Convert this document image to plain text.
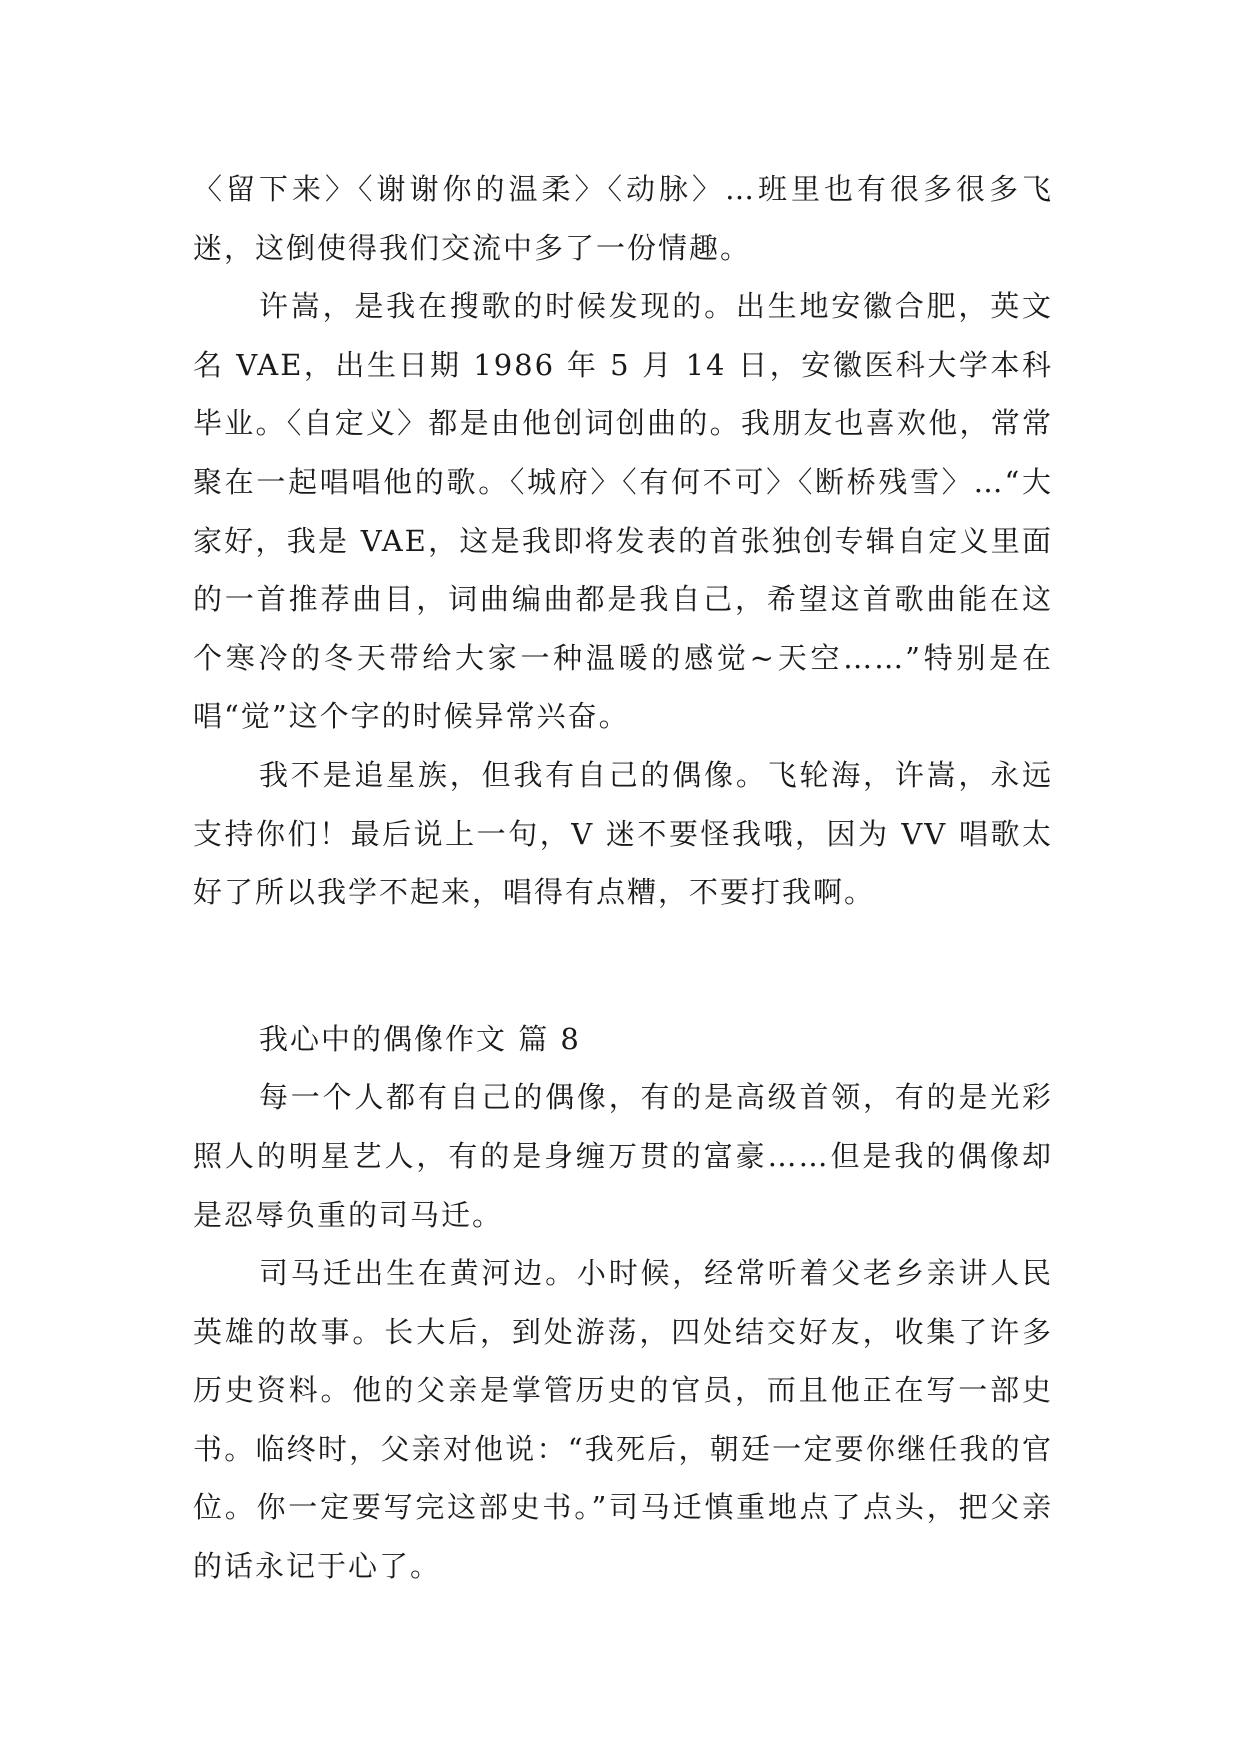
〈留下来〉〈谢谢你的温柔〉〈动脉〉…班里也有很多很多飞迷，这倒使得我们交流中多了一份情趣。

许嵩，是我在搜歌的时候发现的。出生地安徽合肥，英文名 VAE，出生日期 1986 年 5 月 14 日，安徽医科大学本科毕业。〈自定义〉都是由他创词创曲的。我朋友也喜欢他，常常聚在一起唱唱他的歌。〈城府〉〈有何不可〉〈断桥残雪〉…“大家好，我是 VAE，这是我即将发表的首张独创专辑自定义里面的一首推荐曲目，词曲编曲都是我自己，希望这首歌曲能在这个寒冷的冬天带给大家一种温暖的感觉~天空……”特别是在唱“觉”这个字的时候异常兴奋。

我不是追星族，但我有自己的偶像。飞轮海，许嵩，永远支持你们！最后说上一句，V 迷不要怪我哦，因为 VV 唱歌太好了所以我学不起来，唱得有点糟，不要打我啊。

我心中的偶像作文 篇 8

每一个人都有自己的偶像，有的是高级首领，有的是光彩照人的明星艺人，有的是身缠万贯的富豪……但是我的偶像却是忍辱负重的司马迁。

司马迁出生在黄河边。小时候，经常听着父老乡亲讲人民英雄的故事。长大后，到处游荡，四处结交好友，收集了许多历史资料。他的父亲是掌管历史的官员，而且他正在写一部史书。临终时，父亲对他说：“我死后，朝廷一定要你继任我的官位。你一定要写完这部史书。”司马迁慎重地点了点头，把父亲的话永记于心了。
